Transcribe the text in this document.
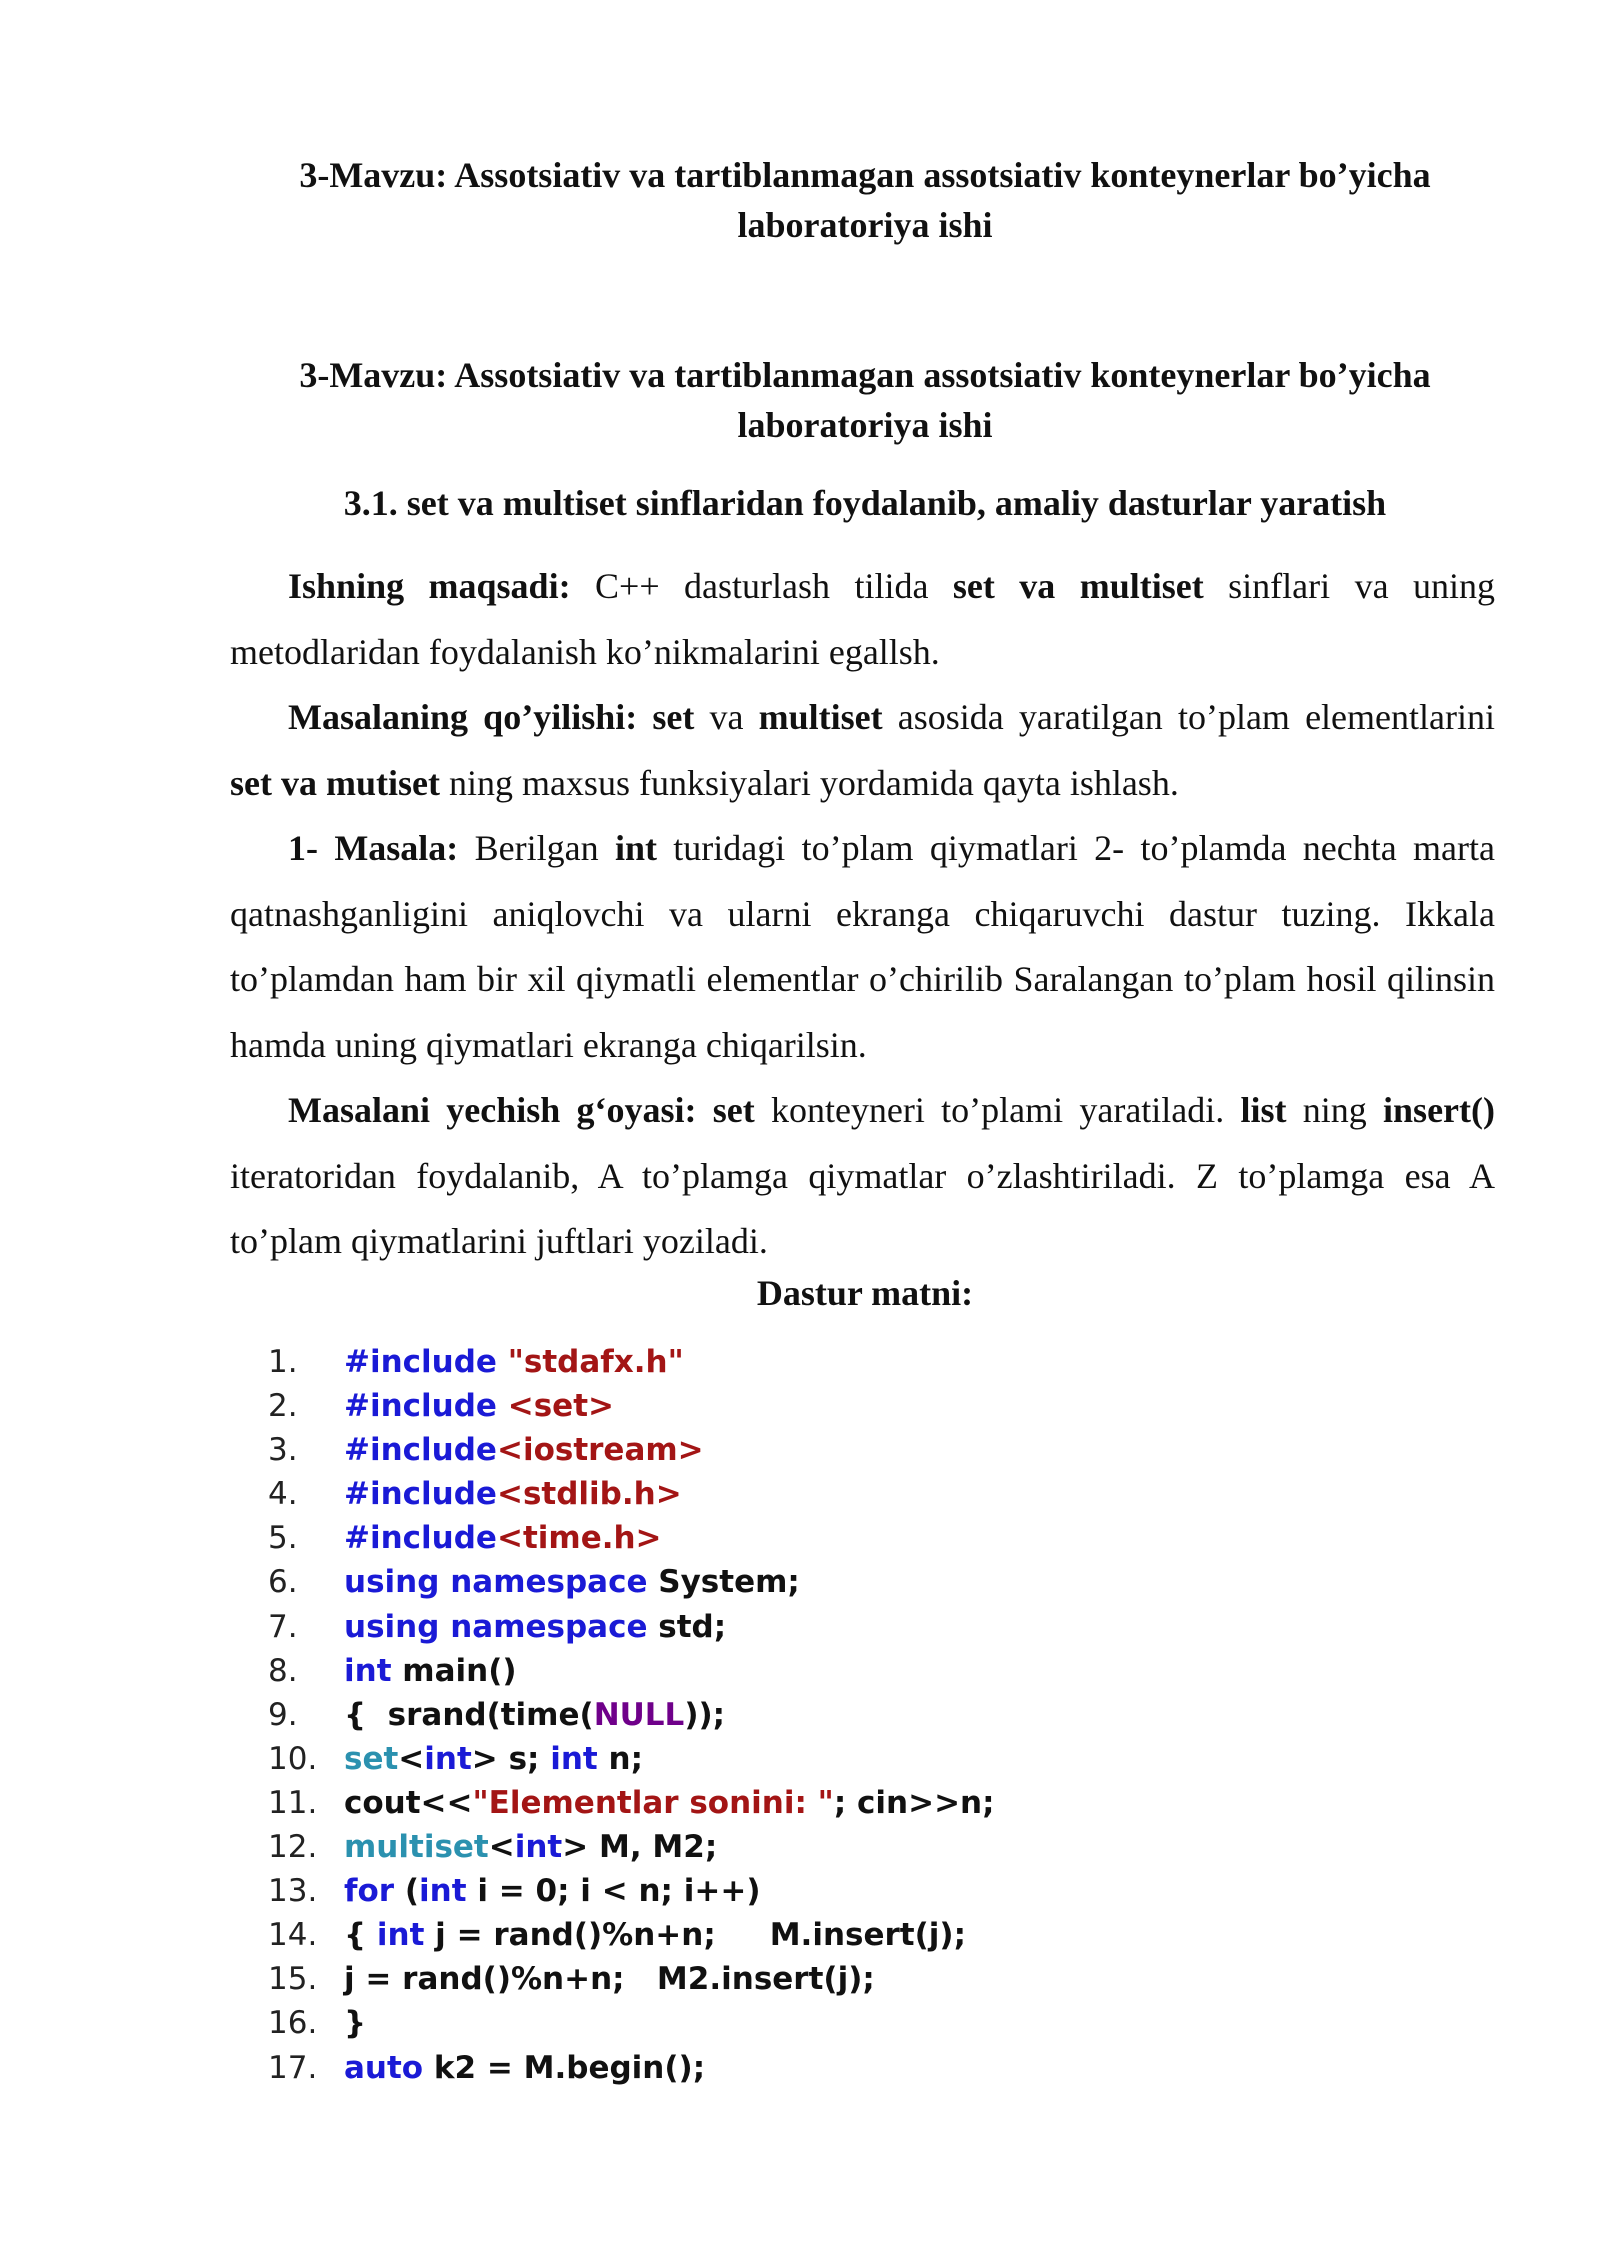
3-Mavzu: Assotsiativ va tartiblanmagan assotsiativ konteynerlar bo’yicha
laboratoriya ishi
3-Mavzu: Assotsiativ va tartiblanmagan assotsiativ konteynerlar bo’yicha
laboratoriya ishi
3.1. set va multiset sinflaridan foydalanib, amaliy dasturlar yaratish

Ishning maqsadi: C++ dasturlash tilida set va multiset sinflari va uning metodlaridan foydalanish ko’nikmalarini egallsh.

Masalaning qo’yilishi: set va multiset asosida yaratilgan to’plam elementlarini set va mutiset ning maxsus funksiyalari yordamida qayta ishlash.

1- Masala: Berilgan int turidagi to’plam qiymatlari 2- to’plamda nechta marta qatnashganligini aniqlovchi va ularni ekranga chiqaruvchi dastur tuzing. Ikkala to’plamdan ham bir xil qiymatli elementlar o’chirilib Saralangan to’plam hosil qilinsin hamda uning qiymatlari ekranga chiqarilsin.

Masalani yechish g‘oyasi: set konteyneri to’plami yaratiladi. list ning insert() iteratoridan foydalanib, A to’plamga qiymatlar o’zlashtiriladi. Z to’plamga esa A to’plam qiymatlarini juftlari yoziladi.

Dastur matni:
1.	#include "stdafx.h"
2.	#include <set>
3.	#include<iostream>
4.	#include<stdlib.h>
5.	#include<time.h>
6.	using namespace System;
7.	using namespace std;
8.	int main()
9.	{  srand(time(NULL));
10. set<int> s; int n;
11. cout<<"Elementlar sonini: "; cin>>n;
12. multiset<int> M, M2;
13. for (int i = 0; i < n; i++)
14. { int j = rand()%n+n;     M.insert(j);
15. j = rand()%n+n;   M2.insert(j);
16. }
17. auto k2 = M.begin();
